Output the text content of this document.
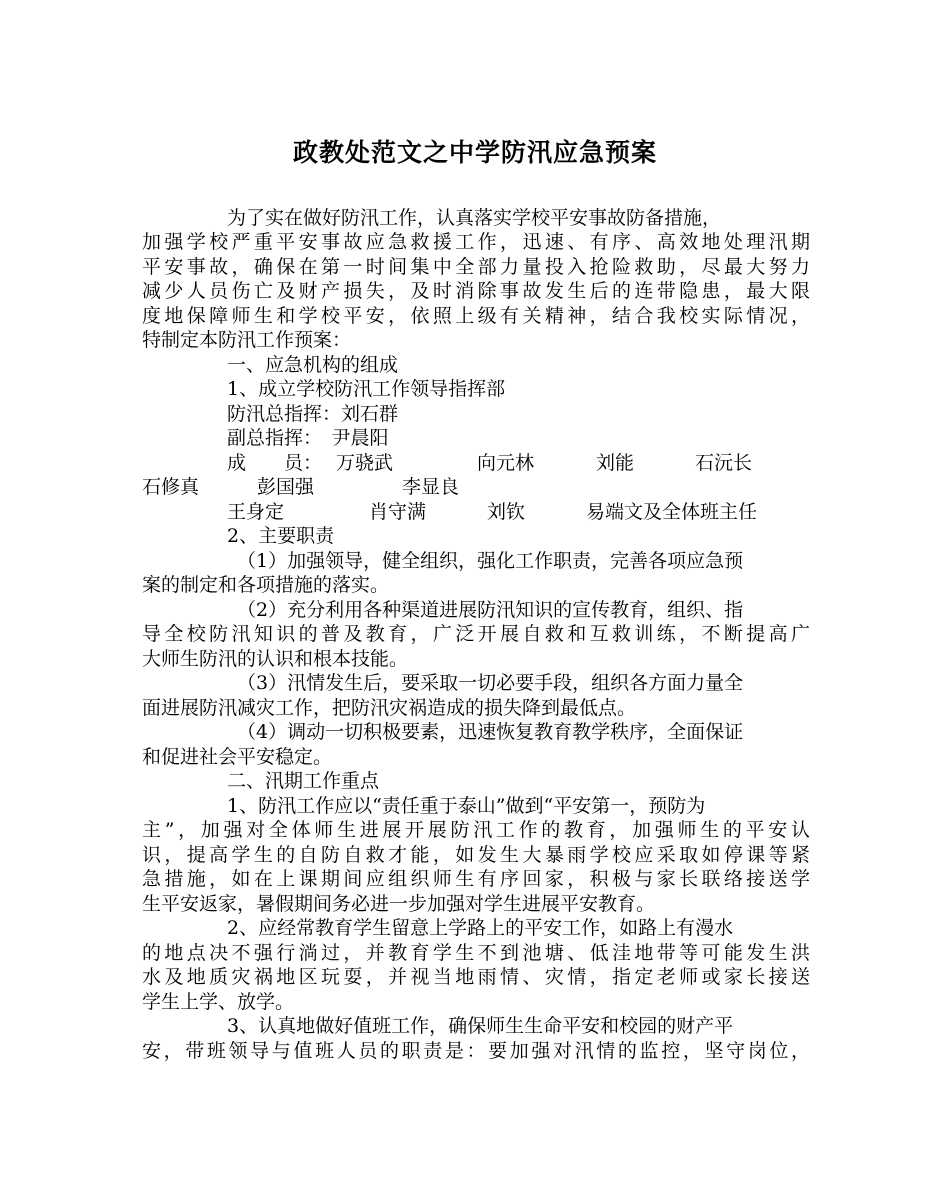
政教处范文之中学防汛应急预案
为了实在做好防汛工作，认真落实学校平安事故防备措施，
加强学校严重平安事故应急救援工作，迅速、有序、高效地处理汛期
平安事故，确保在第一时间集中全部力量投入抢险救助，尽最大努力
减少人员伤亡及财产损失，及时消除事故发生后的连带隐患，最大限
度地保障师生和学校平安，依照上级有关精神，结合我校实际情况，
特制定本防汛工作预案：
一、应急机构的组成
1、成立学校防汛工作领导指挥部
防汛总指挥：刘石群
副总指挥：　尹晨阳
成　　员： 万骁武	向元林	刘能	石沅长
石修真	彭国强	李显良
王身定	肖守满	刘钦	易端文及全体班主任
2、主要职责
（1）加强领导，健全组织，强化工作职责，完善各项应急预
案的制定和各项措施的落实。
（2）充分利用各种渠道进展防汛知识的宣传教育，组织、指
导全校防汛知识的普及教育，广泛开展自救和互救训练，不断提高广
大师生防汛的认识和根本技能。
（3）汛情发生后，要采取一切必要手段，组织各方面力量全
面进展防汛减灾工作，把防汛灾祸造成的损失降到最低点。
（4）调动一切积极要素，迅速恢复教育教学秩序，全面保证
和促进社会平安稳定。
二、汛期工作重点
1、防汛工作应以“责任重于泰山”做到“平安第一，预防为
主”，加强对全体师生进展开展防汛工作的教育，加强师生的平安认
识，提高学生的自防自救才能，如发生大暴雨学校应采取如停课等紧
急措施，如在上课期间应组织师生有序回家，积极与家长联络接送学
生平安返家，暑假期间务必进一步加强对学生进展平安教育。
2、应经常教育学生留意上学路上的平安工作，如路上有漫水
的地点决不强行淌过，并教育学生不到池塘、低洼地带等可能发生洪
水及地质灾祸地区玩耍，并视当地雨情、灾情，指定老师或家长接送
学生上学、放学。
3、认真地做好值班工作，确保师生生命平安和校园的财产平
安，带班领导与值班人员的职责是：要加强对汛情的监控，坚守岗位，
